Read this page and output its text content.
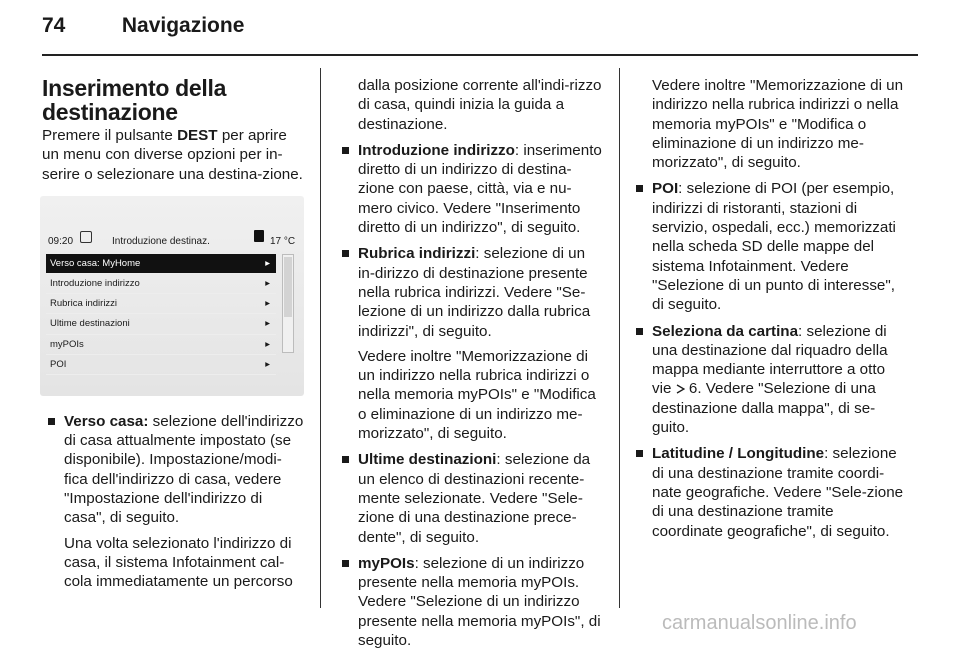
74	Navigazione
Inserimento della destinazione

Premere il pulsante DEST per aprire un menu con diverse opzioni per in-serire o selezionare una destina-zione.

09:20	Introduzione destinaz.	17 °C
Verso casa: MyHome	▸
Introduzione indirizzo	▸
Rubrica indirizzi	▸
Ultime destinazioni	▸
myPOIs	▸
POI	▸

Verso casa: selezione dell'indirizzo di casa attualmente impostato (se disponibile). Impostazione/modi-fica dell'indirizzo di casa, vedere "Impostazione dell'indirizzo di casa", di seguito.

Una volta selezionato l'indirizzo di casa, il sistema Infotainment cal-cola immediatamente un percorso

dalla posizione corrente all'indi-rizzo di casa, quindi inizia la guida a destinazione.

Introduzione indirizzo: inserimento diretto di un indirizzo di destina-zione con paese, città, via e nu-mero civico. Vedere "Inserimento diretto di un indirizzo", di seguito.

Rubrica indirizzi: selezione di un in-dirizzo di destinazione presente nella rubrica indirizzi. Vedere "Se-lezione di un indirizzo dalla rubrica indirizzi", di seguito.

Vedere inoltre "Memorizzazione di un indirizzo nella rubrica indirizzi o nella memoria myPOIs" e "Modifica o eliminazione di un indirizzo me-morizzato", di seguito.

Ultime destinazioni: selezione da un elenco di destinazioni recente-mente selezionate. Vedere "Sele-zione di una destinazione prece-dente", di seguito.

myPOIs: selezione di un indirizzo presente nella memoria myPOIs. Vedere "Selezione di un indirizzo presente nella memoria myPOIs", di seguito.

Vedere inoltre "Memorizzazione di un indirizzo nella rubrica indirizzi o nella memoria myPOIs" e "Modifica o eliminazione di un indirizzo me-morizzato", di seguito.

POI: selezione di POI (per esempio, indirizzi di ristoranti, stazioni di servizio, ospedali, ecc.) memorizzati nella scheda SD delle mappe del sistema Infotainment. Vedere "Selezione di un punto di interesse", di seguito.

Seleziona da cartina: selezione di una destinazione dal riquadro della mappa mediante interruttore a otto vie  6. Vedere "Selezione di una destinazione dalla mappa", di se-guito.

Latitudine / Longitudine: selezione di una destinazione tramite coordi-nate geografiche. Vedere "Sele-zione di una destinazione tramite coordinate geografiche", di seguito.

carmanualsonline.info
